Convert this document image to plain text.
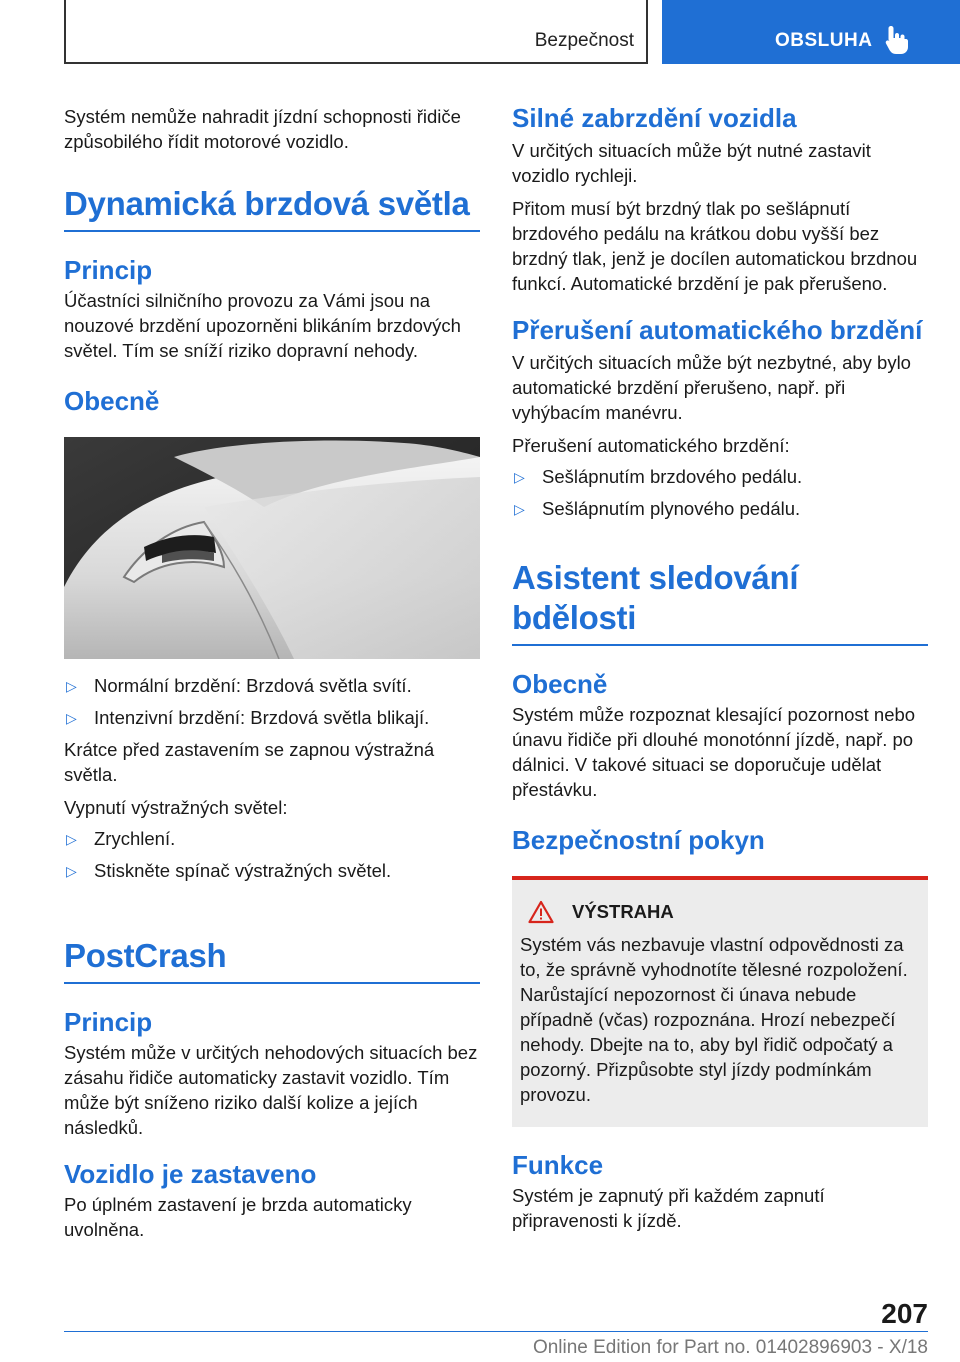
Bezpečnost	OBSLUHA

Systém nemůže nahradit jízdní schopnosti řidiče způsobilého řídit motorové vozidlo.

Dynamická brzdová světla
Princip

Účastníci silničního provozu za Vámi jsou na nouzové brzdění upozorněni blikáním brzdových světel. Tím se sníží riziko dopravní nehody.

Obecně
▷ Normální brzdění: Brzdová světla svítí.
▷ Intenzivní brzdění: Brzdová světla blikají.

Krátce před zastavením se zapnou výstražná světla.

Vypnutí výstražných světel:

▷ Zrychlení.
▷ Stiskněte spínač výstražných světel.
PostCrash
Princip

Systém může v určitých nehodových situacích bez zásahu řidiče automaticky zastavit vozidlo. Tím může být sníženo riziko další kolize a jejích následků.

Vozidlo je zastaveno

Po úplném zastavení je brzda automaticky uvolněna.

Silné zabrzdění vozidla

V určitých situacích může být nutné zastavit vozidlo rychleji.

Přitom musí být brzdný tlak po sešlápnutí brzdového pedálu na krátkou dobu vyšší bez brzdný tlak, jenž je docílen automatickou brzdnou funkcí. Automatické brzdění je pak přerušeno.

Přerušení automatického brzdění

V určitých situacích může být nezbytné, aby bylo automatické brzdění přerušeno, např. při vyhýbacím manévru.

Přerušení automatického brzdění:

▷ Sešlápnutím brzdového pedálu.
▷ Sešlápnutím plynového pedálu.
Asistent sledování bdělosti
Obecně

Systém může rozpoznat klesající pozornost nebo únavu řidiče při dlouhé monotónní jízdě, např. po dálnici. V takové situaci se doporučuje udělat přestávku.

Bezpečnostní pokyn
VÝSTRAHA

Systém vás nezbavuje vlastní odpovědnosti za to, že správně vyhodnotíte tělesné rozpoložení. Narůstající nepozornost či únava nebude případně (včas) rozpoznána. Hrozí nebezpečí nehody. Dbejte na to, aby byl řidič odpočatý a pozorný. Přizpůsobte styl jízdy podmínkám provozu.

Funkce

Systém je zapnutý při každém zapnutí připravenosti k jízdě.

207
Online Edition for Part no. 01402896903 - X/18
